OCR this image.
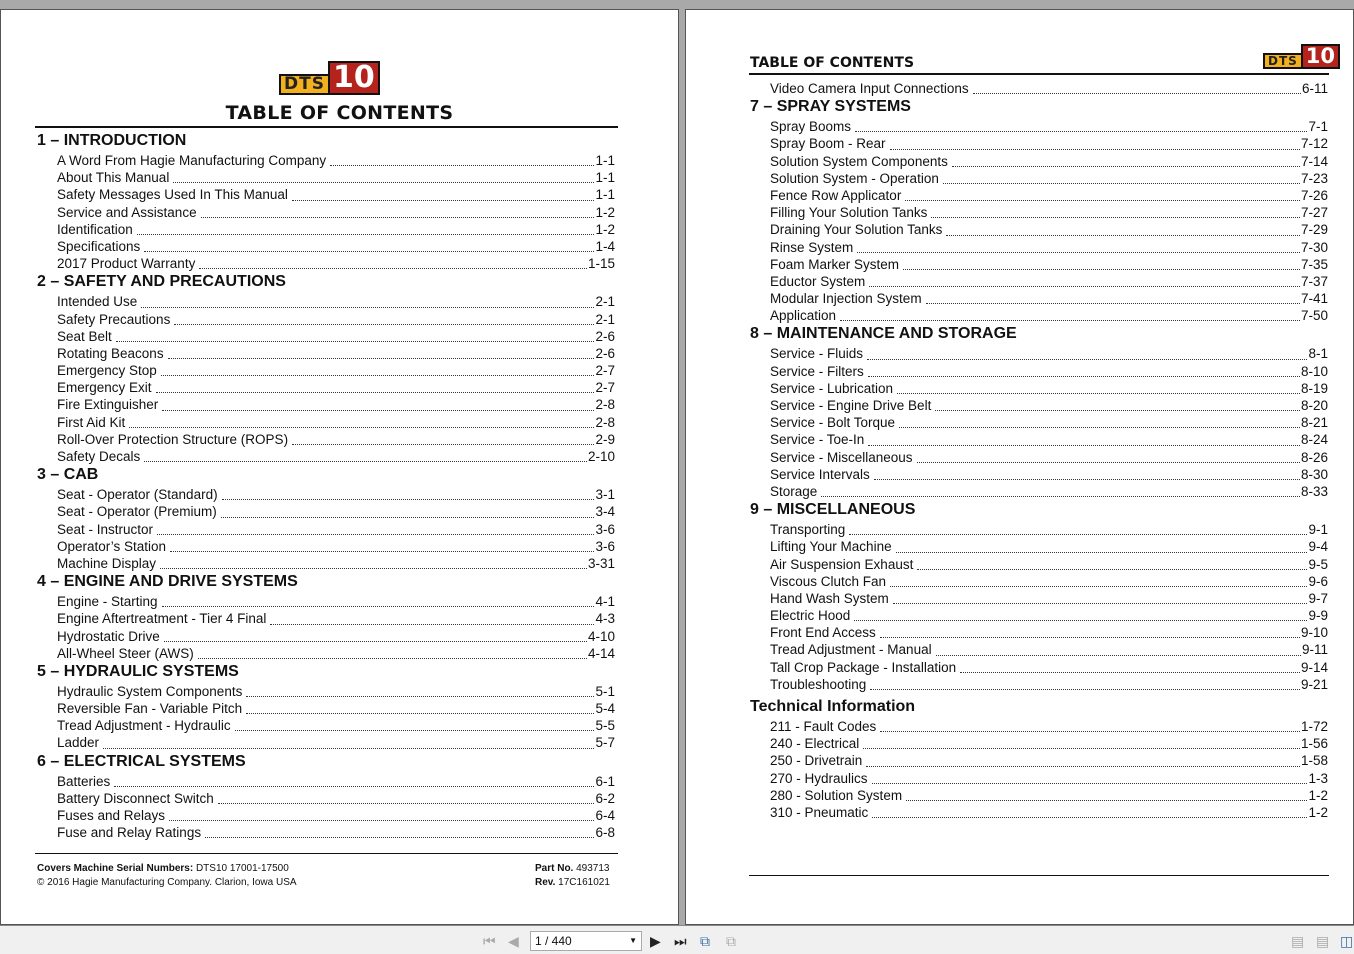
DTS 10
TABLE OF CONTENTS
1 – INTRODUCTION
A Word From Hagie Manufacturing Company	1-1
About This Manual	1-1
Safety Messages Used In This Manual	1-1
Service and Assistance	1-2
Identification	1-2
Specifications	1-4
2017 Product Warranty	1-15
2 – SAFETY AND PRECAUTIONS
Intended Use	2-1
Safety Precautions	2-1
Seat Belt	2-6
Rotating Beacons	2-6
Emergency Stop	2-7
Emergency Exit	2-7
Fire Extinguisher	2-8
First Aid Kit	2-8
Roll-Over Protection Structure (ROPS)	2-9
Safety Decals	2-10
3 – CAB
Seat - Operator (Standard)	3-1
Seat - Operator (Premium)	3-4
Seat - Instructor	3-6
Operator’s Station	3-6
Machine Display	3-31
4 – ENGINE AND DRIVE SYSTEMS
Engine - Starting	4-1
Engine Aftertreatment - Tier 4 Final	4-3
Hydrostatic Drive	4-10
All-Wheel Steer (AWS)	4-14
5 – HYDRAULIC SYSTEMS
Hydraulic System Components	5-1
Reversible Fan - Variable Pitch	5-4
Tread Adjustment - Hydraulic	5-5
Ladder	5-7
6 – ELECTRICAL SYSTEMS
Batteries	6-1
Battery Disconnect Switch	6-2
Fuses and Relays	6-4
Fuse and Relay Ratings	6-8
Covers Machine Serial Numbers: DTS10 17001-17500
© 2016 Hagie Manufacturing Company. Clarion, Iowa USA
Part No. 493713
Rev. 17C161021
TABLE OF CONTENTS	DTS 10
Video Camera Input Connections	6-11
7 – SPRAY SYSTEMS
Spray Booms	7-1
Spray Boom - Rear	7-12
Solution System Components	7-14
Solution System - Operation	7-23
Fence Row Applicator	7-26
Filling Your Solution Tanks	7-27
Draining Your Solution Tanks	7-29
Rinse System	7-30
Foam Marker System	7-35
Eductor System	7-37
Modular Injection System	7-41
Application	7-50
8 – MAINTENANCE AND STORAGE
Service - Fluids	8-1
Service - Filters	8-10
Service - Lubrication	8-19
Service - Engine Drive Belt	8-20
Service - Bolt Torque	8-21
Service - Toe-In	8-24
Service - Miscellaneous	8-26
Service Intervals	8-30
Storage	8-33
9 – MISCELLANEOUS
Transporting	9-1
Lifting Your Machine	9-4
Air Suspension Exhaust	9-5
Viscous Clutch Fan	9-6
Hand Wash System	9-7
Electric Hood	9-9
Front End Access	9-10
Tread Adjustment - Manual	9-11
Tall Crop Package - Installation	9-14
Troubleshooting	9-21
Technical Information
211 - Fault Codes	1-72
240 - Electrical	1-56
250 - Drivetrain	1-58
270 - Hydraulics	1-3
280 - Solution System	1-2
310 - Pneumatic	1-2
⏮ ◀	1 / 440	▼ ▶ ⏭ ⧉ ⧉	▤ ▤ ◫
